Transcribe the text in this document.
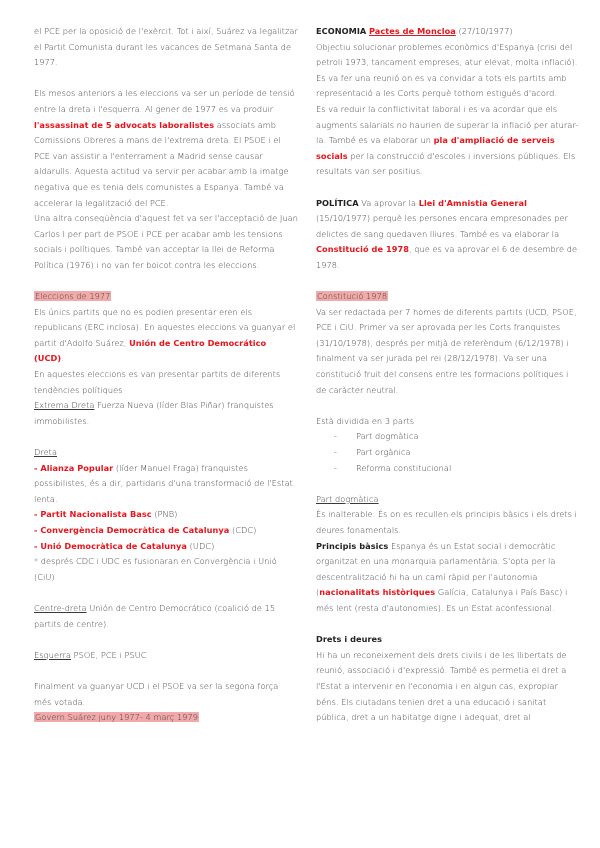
el PCE per la oposició de l'exèrcit. Tot i així, Suárez va legalitzar el Partit Comunista durant les vacances de Setmana Santa de 1977.

Els mesos anteriors a les eleccions va ser un període de tensió entre la dreta i l'esquerra. Al gener de 1977 es va produir l'assassinat de 5 advocats laboralistes associats amb Comissions Obreres a mans de l'extrema dreta. El PSOE i el PCE van assistir a l'enterrament a Madrid sense causar aldarulls. Aquesta actitud va servir per acabar amb la imatge negativa que es tenia dels comunistes a Espanya. També va accelerar la legalització del PCE.

Una altra conseqüència d'aquest fet va ser l'acceptació de Juan Carlos I per part de PSOE i PCE per acabar amb les tensions socials i polítiques. També van acceptar la llei de Reforma Política (1976) i no van fer boicot contra les eleccions.

Eleccions de 1977

Els únics partits que no es podien presentar eren els republicans (ERC inclosa). En aquestes eleccions va guanyar el partit d'Adolfo Suárez, Unión de Centro Democrático (UCD).

En aquestes eleccions es van presentar partits de diferents tendències polítiques

Extrema Dreta Fuerza Nueva (líder Blas Piñar) franquistes immobilistes.

Dreta

- Alianza Popular (líder Manuel Fraga) franquistes possibilistes, és a dir, partidaris d'una transformació de l'Estat lenta.

- Partit Nacionalista Basc (PNB)

- Convergència Democràtica de Catalunya (CDC)

- Unió Democràtica de Catalunya (UDC)

* després CDC i UDC es fusionaran en Convergència i Unió (CiU)

Centre-dreta Unión de Centro Democrático (coalició de 15 partits de centre).

Esquerra PSOE, PCE i PSUC

Finalment va guanyar UCD i el PSOE va ser la segona força més votada.

Govern Suárez juny 1977- 4 març 1979

ECONOMIA Pactes de Moncloa (27/10/1977)

Objectiu solucionar problemes econòmics d'Espanya (crisi del petroli 1973, tancament empreses, atur elevat, molta inflació). Es va fer una reunió on es va convidar a tots els partits amb representació a les Corts perquè tothom estigués d'acord.

Es va reduir la conflictivitat laboral i es va acordar que els augments salarials no haurien de superar la inflació per aturar-la. També es va elaborar un pla d'ampliació de serveis socials per la construcció d'escoles i inversions públiques. Els resultats van ser positius.

POLÍTICA Va aprovar la Llei d'Amnistia General (15/10/1977) perquè les persones encara empresonades per delictes de sang quedaven lliures. També es va elaborar la Constitució de 1978, que es va aprovar el 6 de desembre de 1978.

Constitució 1978

Va ser redactada per 7 homes de diferents partits (UCD, PSOE, PCE i CiU. Primer va ser aprovada per les Corts franquistes (31/10/1978), després per mitjà de referèndum (6/12/1978) i finalment va ser jurada pel rei (28/12/1978). Va ser una constitució fruit del consens entre les formacions polítiques i de caràcter neutral.

Està dividida en 3 parts

- Part dogmàtica
- Part orgànica
- Reforma constitucional
Part dogmàtica

És inalterable. És on es recullen els principis bàsics i els drets i deures fonamentals.

Principis bàsics Espanya és un Estat social i democràtic organitzat en una monarquia parlamentària. S'opta per la descentralització hi ha un camí ràpid per l'autonomia (nacionalitats històriques Galícia, Catalunya i País Basc) i més lent (resta d'autonomies). Es un Estat aconfessional.

Drets i deures

Hi ha un reconeixement dels drets civils i de les llibertats de reunió, associació i d'expressió. També es permetia el dret a l'Estat a intervenir en l'economia i en algun cas, expropiar béns. Els ciutadans tenien dret a una educació i sanitat pública, dret a un habitatge digne i adequat, dret al
